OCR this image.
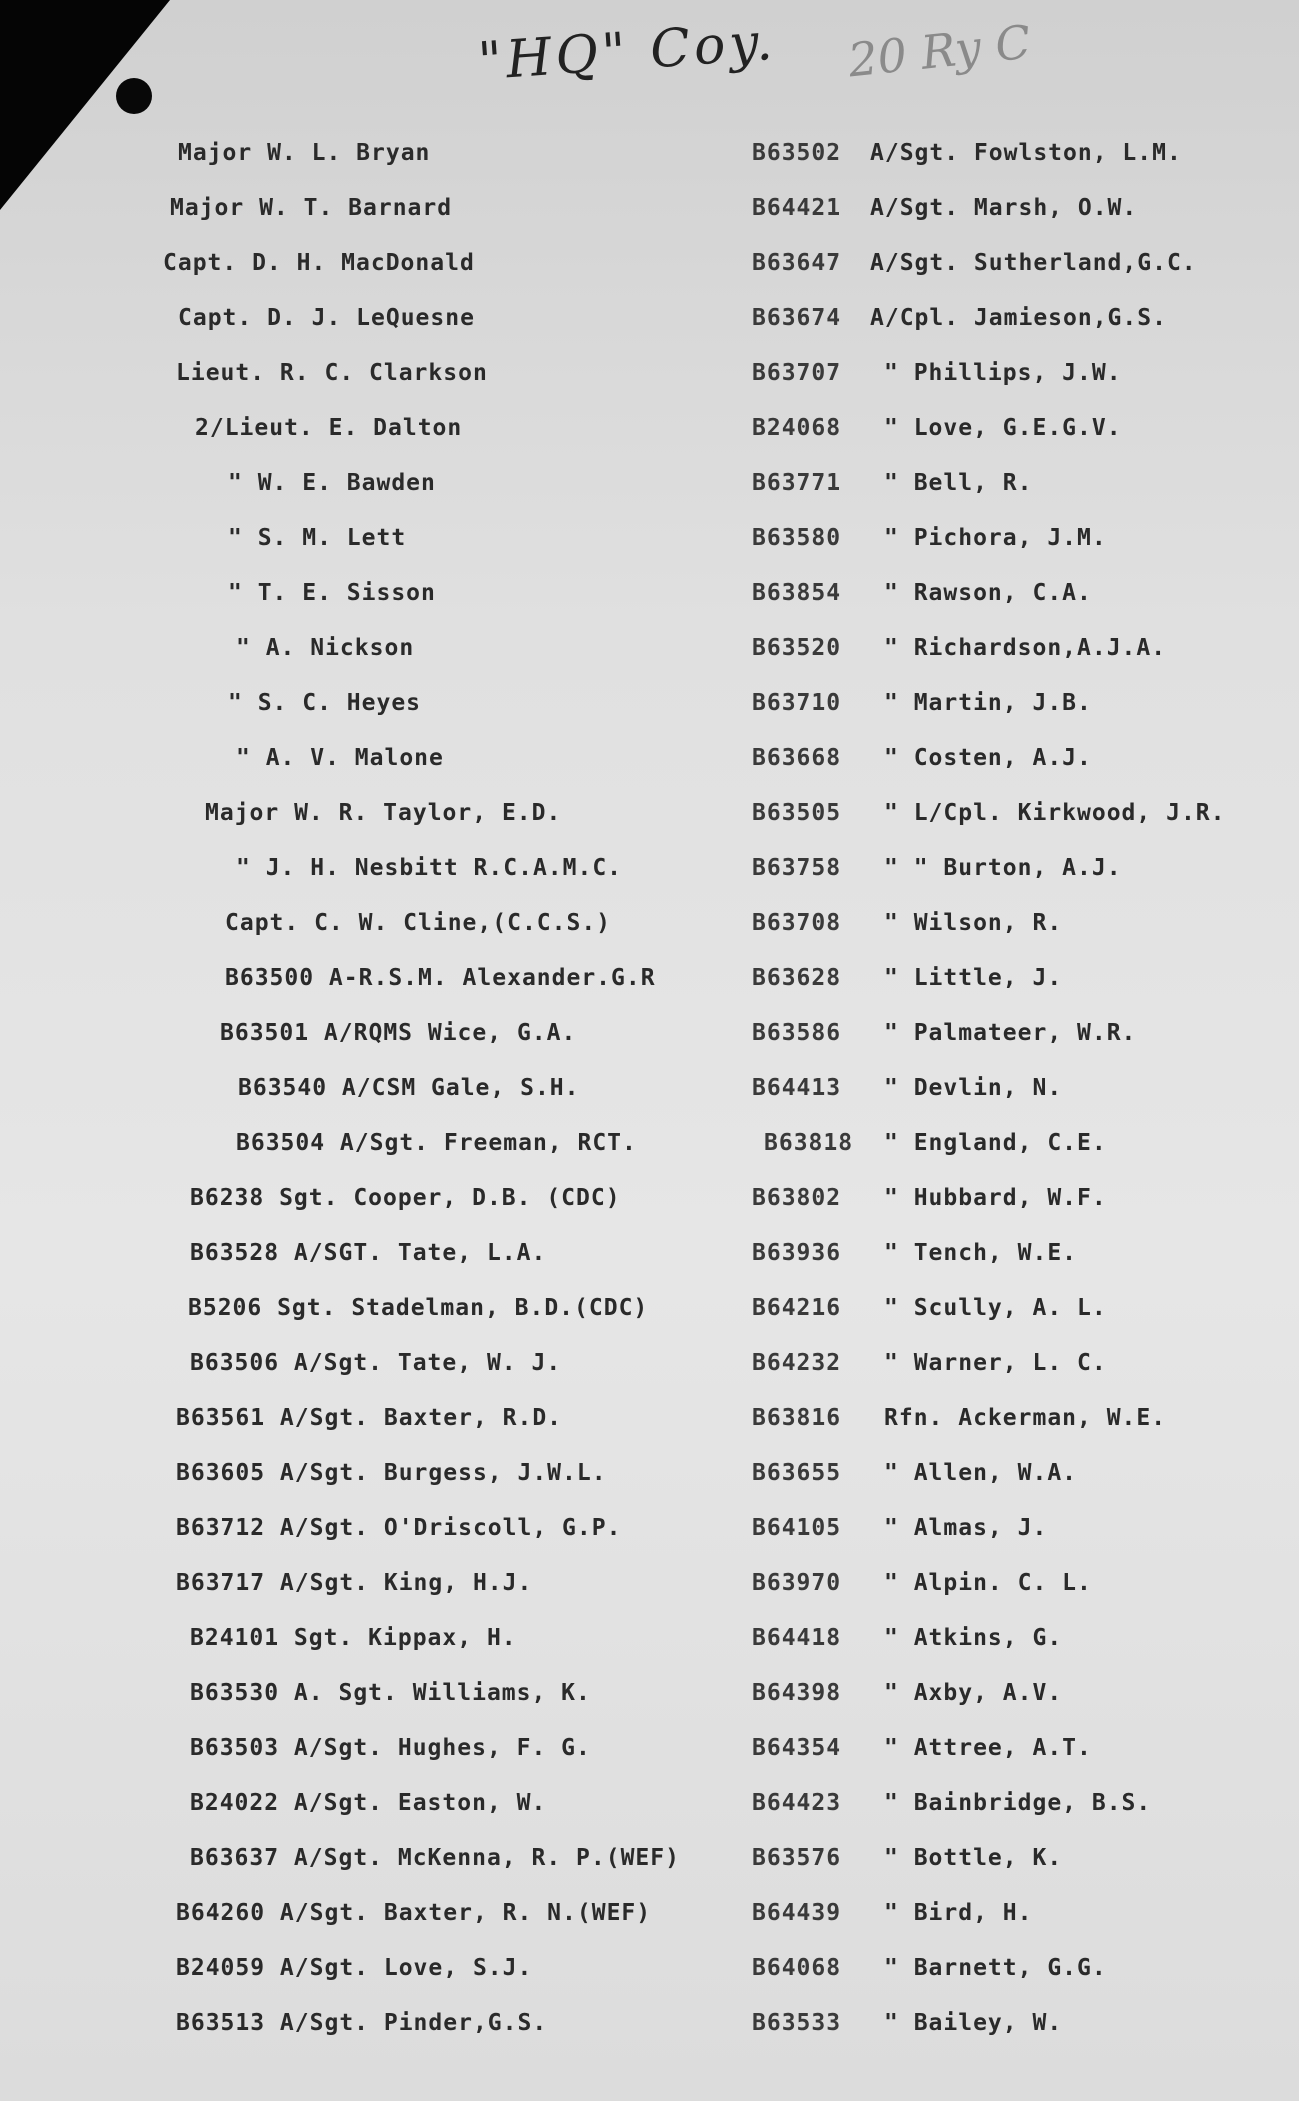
"HQ" Coy. 20 Ry C
Major W. L. Bryan
Major W. T. Barnard
Capt. D. H. MacDonald
Capt. D. J. LeQuesne
Lieut. R. C. Clarkson
2/Lieut. E. Dalton
" W. E. Bawden
" S. M. Lett
" T. E. Sisson
" A. Nickson
" S. C. Heyes
" A. V. Malone
Major W. R. Taylor, E.D.
" J. H. Nesbitt R.C.A.M.C.
Capt. C. W. Cline,(C.C.S.)
B63500 A-R.S.M. Alexander.G.R
B63501 A/RQMS Wice, G.A.
B63540 A/CSM Gale, S.H.
B63504 A/Sgt. Freeman, RCT.
B6238 Sgt. Cooper, D.B. (CDC)
B63528 A/SGT. Tate, L.A.
B5206 Sgt. Stadelman, B.D.(CDC)
B63506 A/Sgt. Tate, W. J.
B63561 A/Sgt. Baxter, R.D.
B63605 A/Sgt. Burgess, J.W.L.
B63712 A/Sgt. O'Driscoll, G.P.
B63717 A/Sgt. King, H.J.
B24101 Sgt. Kippax, H.
B63530 A. Sgt. Williams, K.
B63503 A/Sgt. Hughes, F. G.
B24022 A/Sgt. Easton, W.
B63637 A/Sgt. McKenna, R. P.(WEF)
B64260 A/Sgt. Baxter, R. N.(WEF)
B24059 A/Sgt. Love, S.J.
B63513 A/Sgt. Pinder,G.S.
B63502 A/Sgt. Fowlston, L.M.
B64421 A/Sgt. Marsh, O.W.
B63647 A/Sgt. Sutherland,G.C.
B63674 A/Cpl. Jamieson,G.S.
B63707 " Phillips, J.W.
B24068 " Love, G.E.G.V.
B63771 " Bell, R.
B63580 " Pichora, J.M.
B63854 " Rawson, C.A.
B63520 " Richardson,A.J.A.
B63710 " Martin, J.B.
B63668 " Costen, A.J.
B63505 " L/Cpl. Kirkwood, J.R.
B63758 " " Burton, A.J.
B63708 " Wilson, R.
B63628 " Little, J.
B63586 " Palmateer, W.R.
B64413 " Devlin, N.
B63818 " England, C.E.
B63802 " Hubbard, W.F.
B63936 " Tench, W.E.
B64216 " Scully, A. L.
B64232 " Warner, L. C.
B63816 Rfn. Ackerman, W.E.
B63655 " Allen, W.A.
B64105 " Almas, J.
B63970 " Alpin. C. L.
B64418 " Atkins, G.
B64398 " Axby, A.V.
B64354 " Attree, A.T.
B64423 " Bainbridge, B.S.
B63576 " Bottle, K.
B64439 " Bird, H.
B64068 " Barnett, G.G.
B63533 " Bailey, W.
